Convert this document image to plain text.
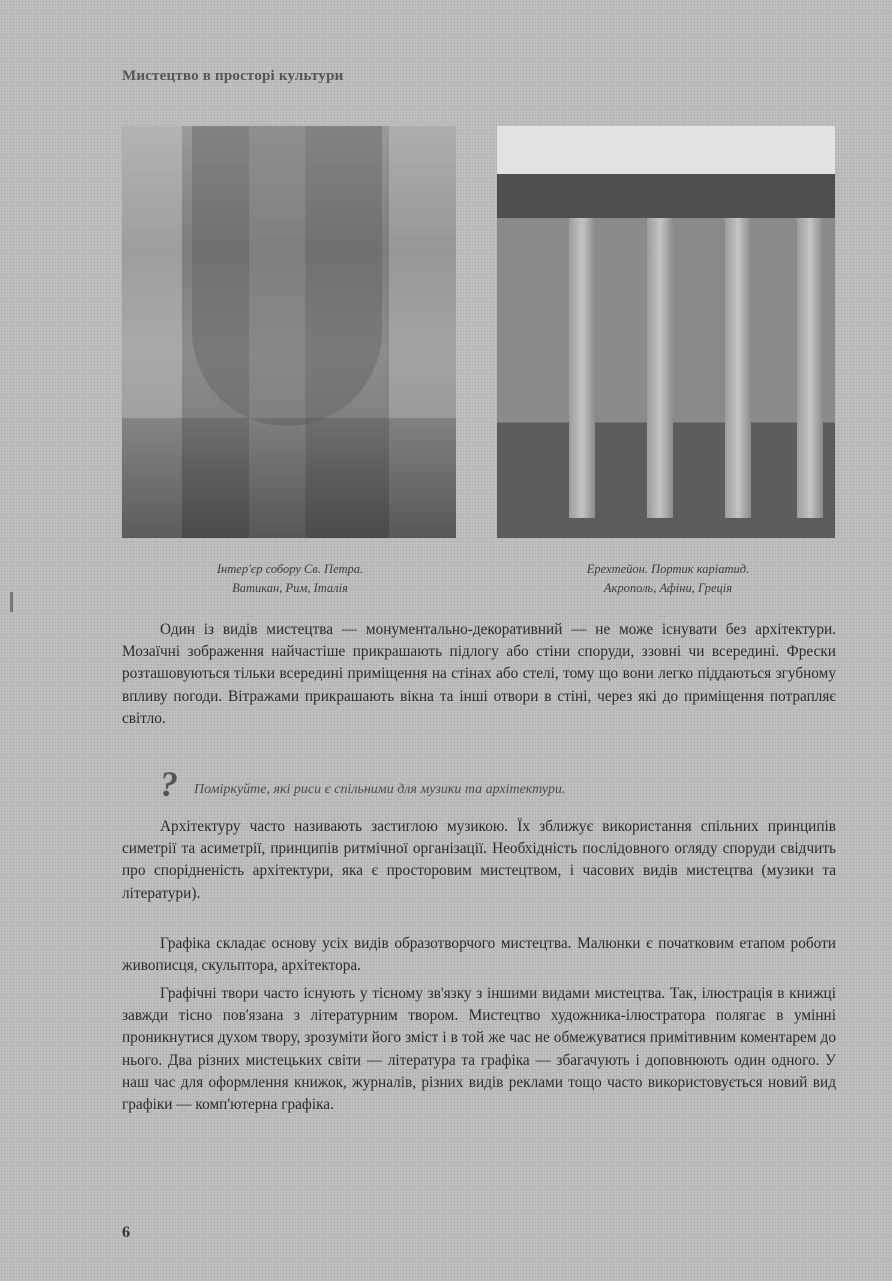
Мистецтво в просторі культури
Інтер'єр собору Св. Петра.
Ватикан, Рим, Італія
Ерехтейон. Портик каріатид.
Акрополь, Афіни, Греція

Один із видів мистецтва — монументально-декоративний — не може існувати без архітектури. Мозаїчні зображення найчастіше прикрашають підлогу або стіни споруди, ззовні чи всередині. Фрески розташовуються тільки всередині приміщення на стінах або стелі, тому що вони легко піддаються згубному впливу погоди. Вітражами прикрашають вікна та інші отвори в стіні, через які до приміщення потрапляє світло.

? Поміркуйте, які риси є спільними для музики та архітектури.

Архітектуру часто називають застиглою музикою. Їх зближує використання спільних принципів симетрії та асиметрії, принципів ритмічної організації. Необхідність послідовного огляду споруди свідчить про спорідненість архітектури, яка є просторовим мистецтвом, і часових видів мистецтва (музики та літератури).

Графіка складає основу усіх видів образотворчого мистецтва. Малюнки є початковим етапом роботи живописця, скульптора, архітектора.

Графічні твори часто існують у тісному зв'язку з іншими видами мистецтва. Так, ілюстрація в книжці завжди тісно пов'язана з літературним твором. Мистецтво художника-ілюстратора полягає в умінні проникнутися духом твору, зрозуміти його зміст і в той же час не обмежуватися примітивним коментарем до нього. Два різних мистецьких світи — література та графіка — збагачують і доповнюють один одного. У наш час для оформлення книжок, журналів, різних видів реклами тощо часто використовується новий вид графіки — комп'ютерна графіка.

6
